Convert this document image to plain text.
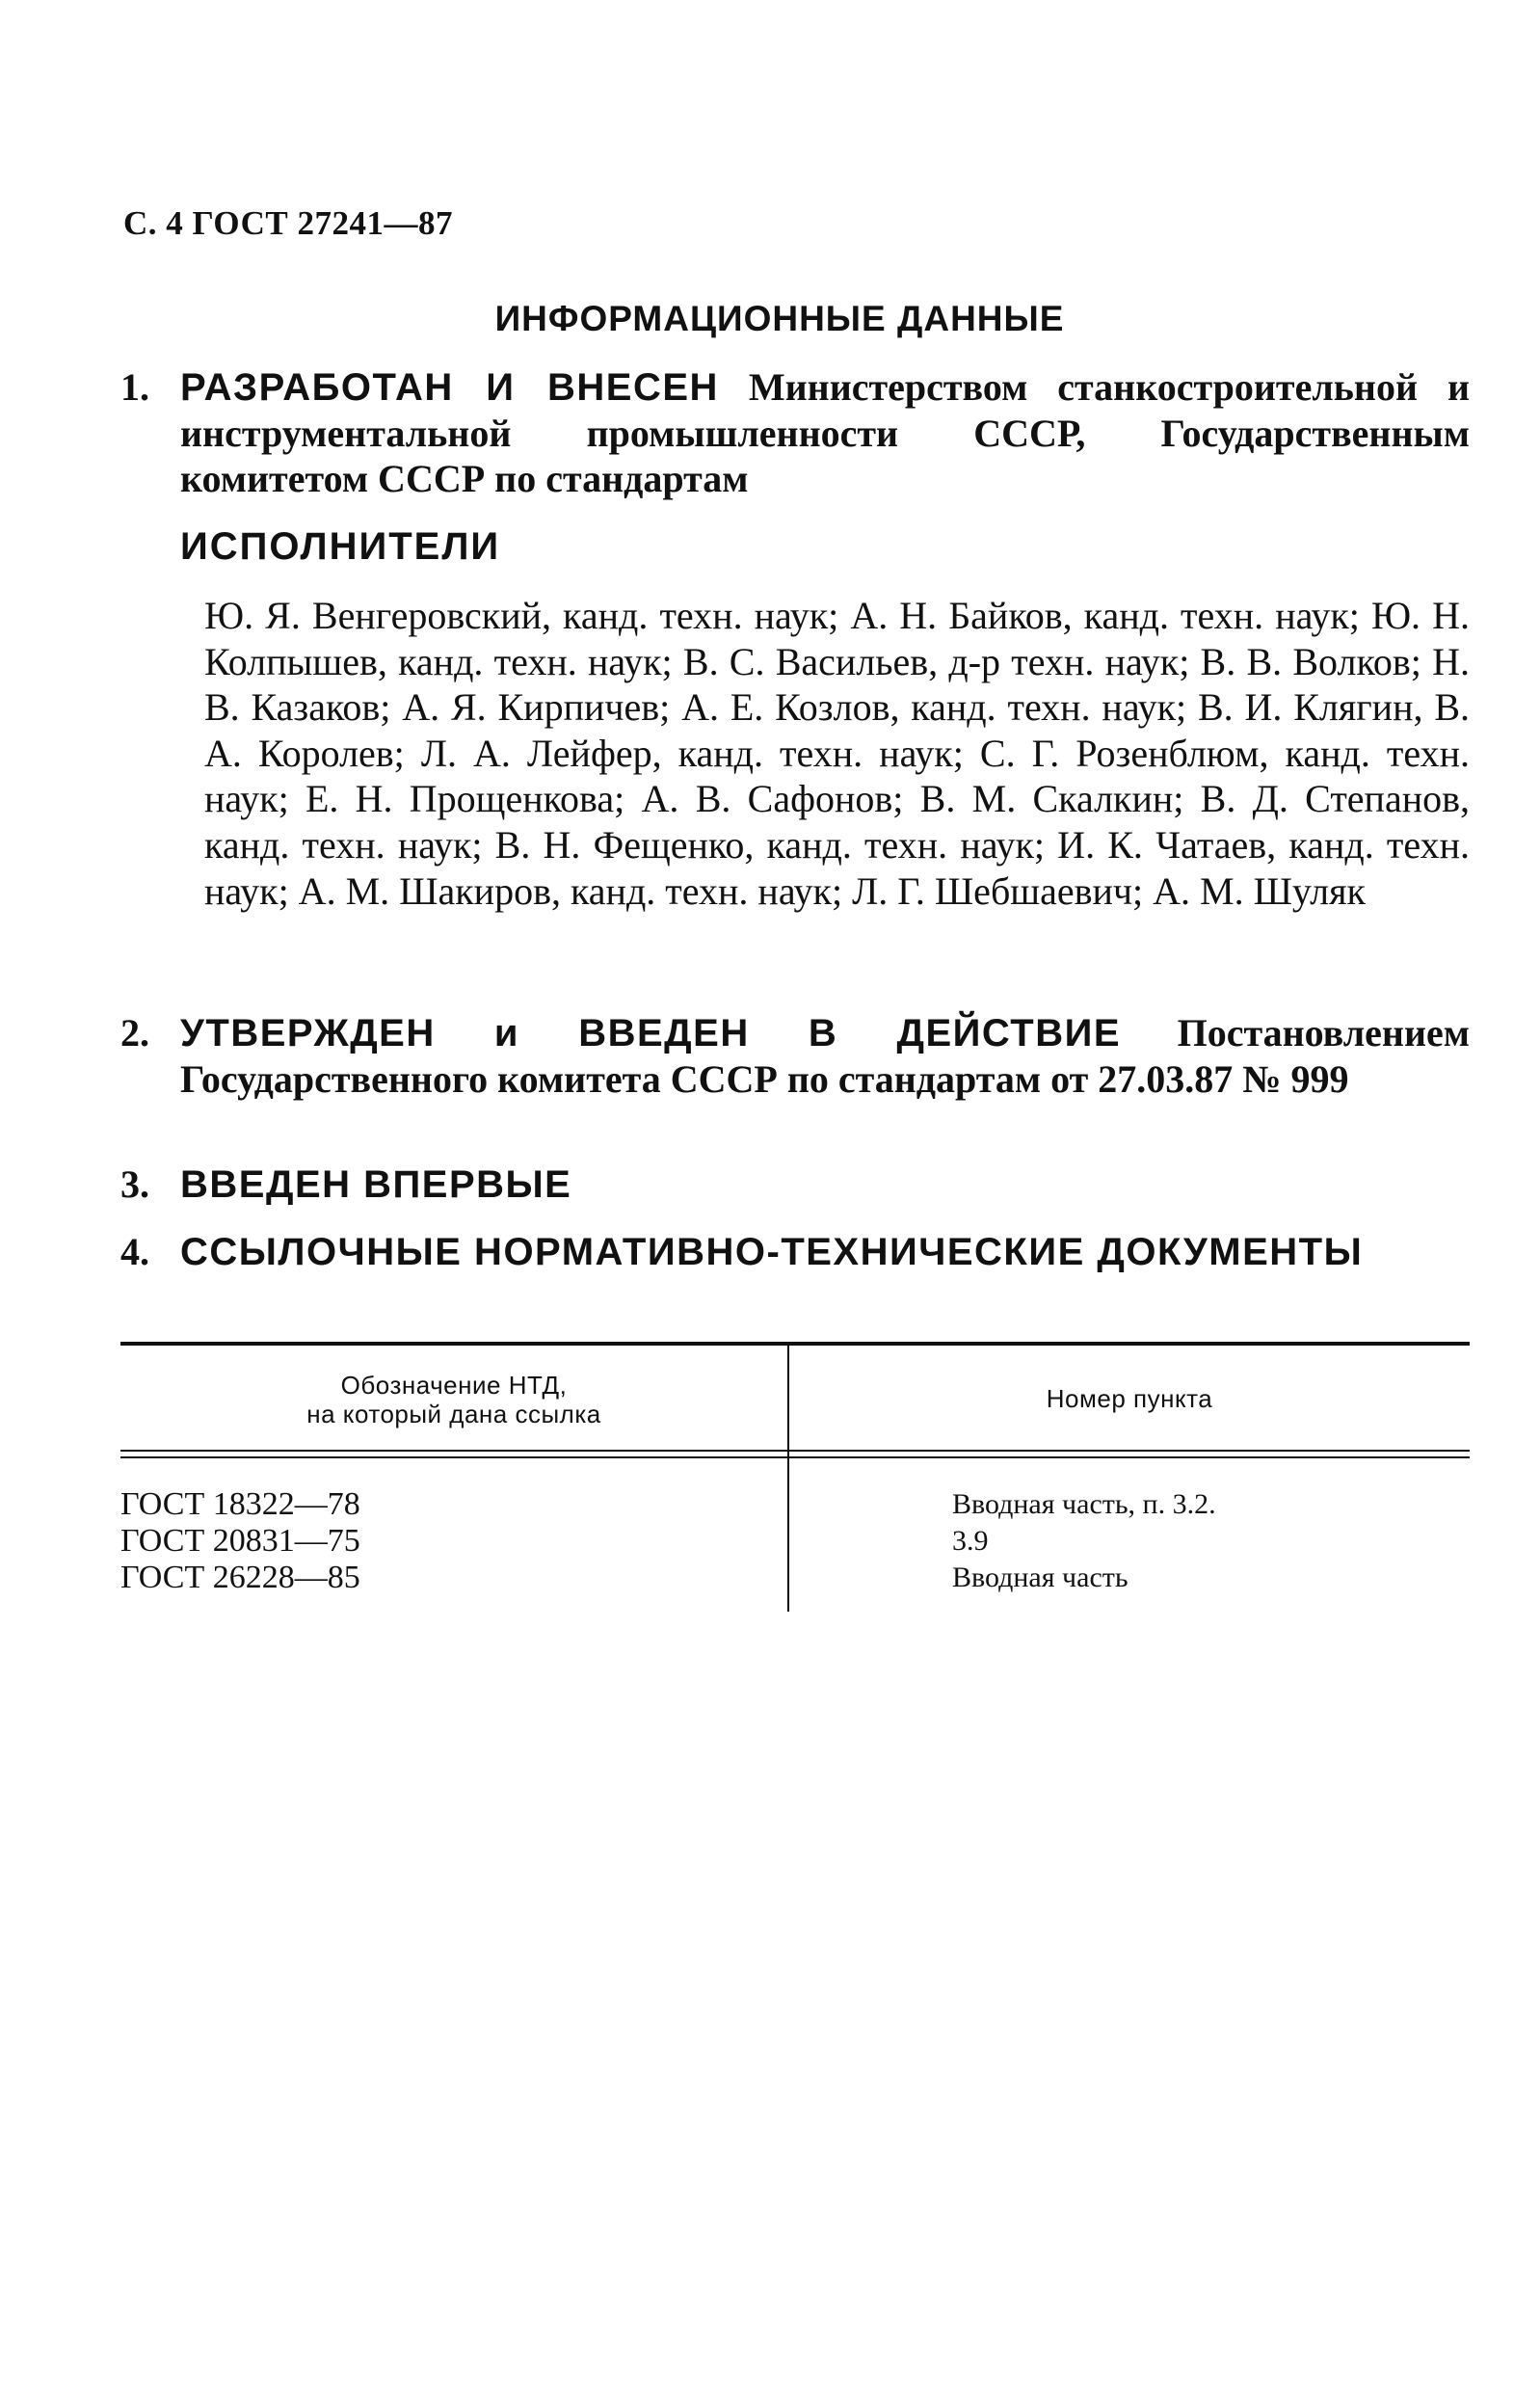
С. 4 ГОСТ 27241—87
ИНФОРМАЦИОННЫЕ ДАННЫЕ
1. РАЗРАБОТАН И ВНЕСЕН Министерством станкостроительной и инструментальной промышленности СССР, Государственным комитетом СССР по стандартам
ИСПОЛНИТЕЛИ
Ю. Я. Венгеровский, канд. техн. наук; А. Н. Байков, канд. техн. наук; Ю. Н. Колпышев, канд. техн. наук; В. С. Васильев, д-р техн. наук; В. В. Волков; Н. В. Казаков; А. Я. Кирпичев; А. Е. Козлов, канд. техн. наук; В. И. Клягин, В. А. Королев; Л. А. Лейфер, канд. техн. наук; С. Г. Розенблюм, канд. техн. наук; Е. Н. Прощенкова; А. В. Сафонов; В. М. Скалкин; В. Д. Степанов, канд. техн. наук; В. Н. Фещенко, канд. техн. наук; И. К. Чатаев, канд. техн. наук; А. М. Шакиров, канд. техн. наук; Л. Г. Шебшаевич; А. М. Шуляк
2. УТВЕРЖДЕН и ВВЕДЕН В ДЕЙСТВИЕ Постановлением Государственного комитета СССР по стандартам от 27.03.87 № 999
3. ВВЕДЕН ВПЕРВЫЕ
4. ССЫЛОЧНЫЕ НОРМАТИВНО-ТЕХНИЧЕСКИЕ ДОКУМЕНТЫ
Обозначение НТД,
на который дана ссылка
Номер пункта
ГОСТ 18322—78
ГОСТ 20831—75
ГОСТ 26228—85
Вводная часть, п. 3.2.
3.9
Вводная часть
